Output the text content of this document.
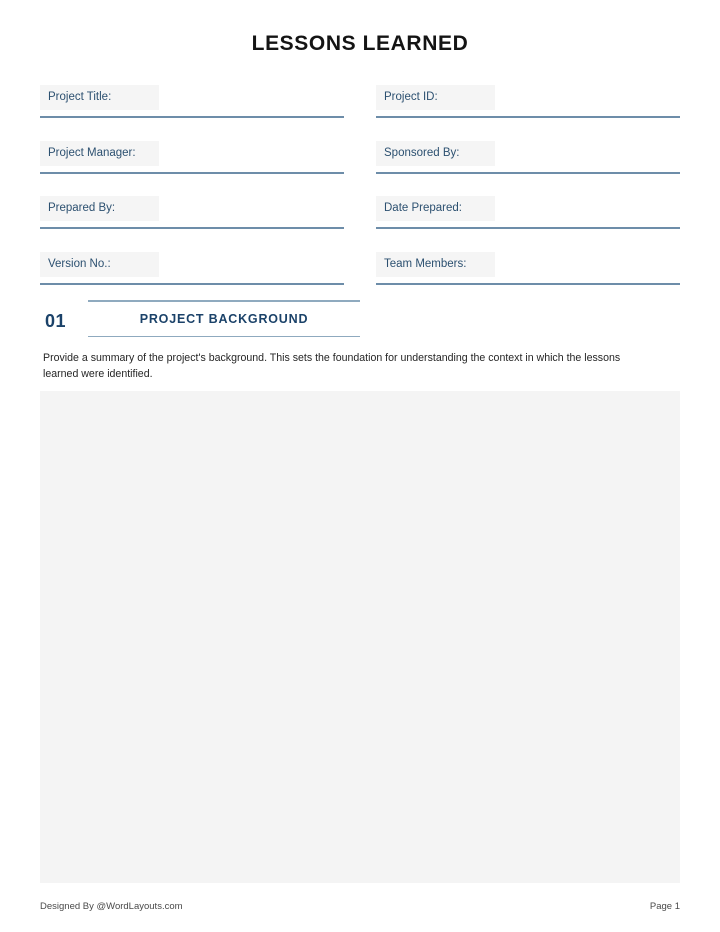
LESSONS LEARNED
Project Title:	Project ID:
Project Manager:	Sponsored By:
Prepared By:	Date Prepared:
Version No.:	Team Members:
01	PROJECT BACKGROUND
Provide a summary of the project's background. This sets the foundation for understanding the context in which the lessons learned were identified.
Designed By @WordLayouts.com	Page 1
